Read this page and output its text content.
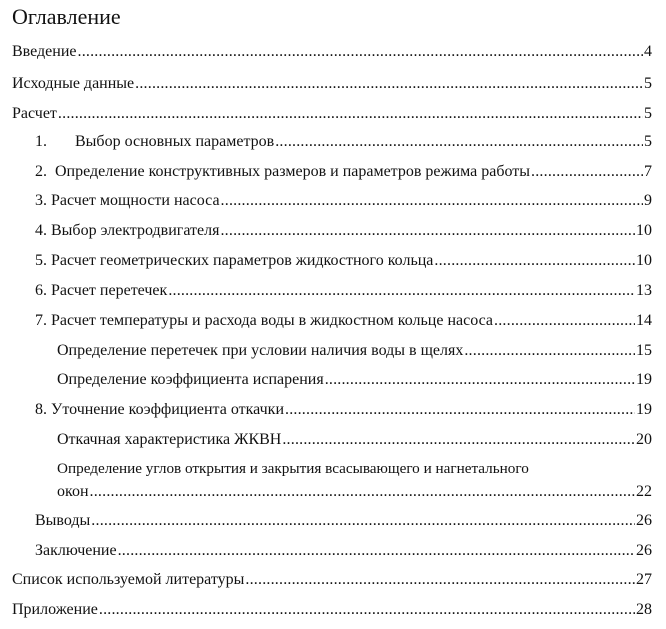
Оглавление
Введение .....	4
Исходные данные .....	5
Расчет .....	5
1.       Выбор основных параметров .....	5
2.  Определение конструктивных размеров и параметров режима работы .....	7
3. Расчет мощности насоса .....	9
4. Выбор электродвигателя .....	10
5. Расчет геометрических параметров жидкостного кольца .....	10
6. Расчет перетечек .....	13
7. Расчет температуры и расхода воды в жидкостном кольце насоса .....	14
Определение перетечек при условии наличия воды в щелях .....	15
Определение коэффициента испарения .....	19
8. Уточнение коэффициента откачки .....	19
Откачная характеристика ЖКВН .....	20
Определение углов открытия и закрытия всасывающего и нагнетального
окон .....	22
Выводы .....	26
Заключение .....	26
Список используемой литературы .....	27
Приложение .....	28
